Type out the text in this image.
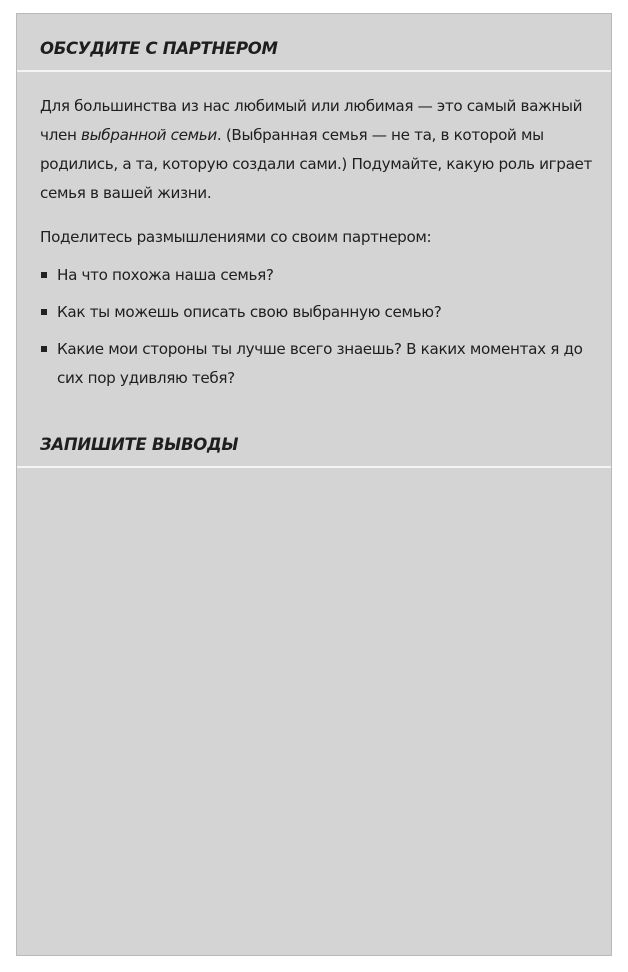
ОБСУДИТЕ С ПАРТНЕРОМ

Для большинства из нас любимый или любимая — это самый важный член выбранной семьи. (Выбранная семья — не та, в которой мы родились, а та, которую создали сами.) Подумайте, какую роль играет семья в вашей жизни.

Поделитесь размышлениями со своим партнером:

На что похожа наша семья?
Как ты можешь описать свою выбранную семью?
Какие мои стороны ты лучше всего знаешь? В каких моментах я до сих пор удивляю тебя?
ЗАПИШИТЕ ВЫВОДЫ
